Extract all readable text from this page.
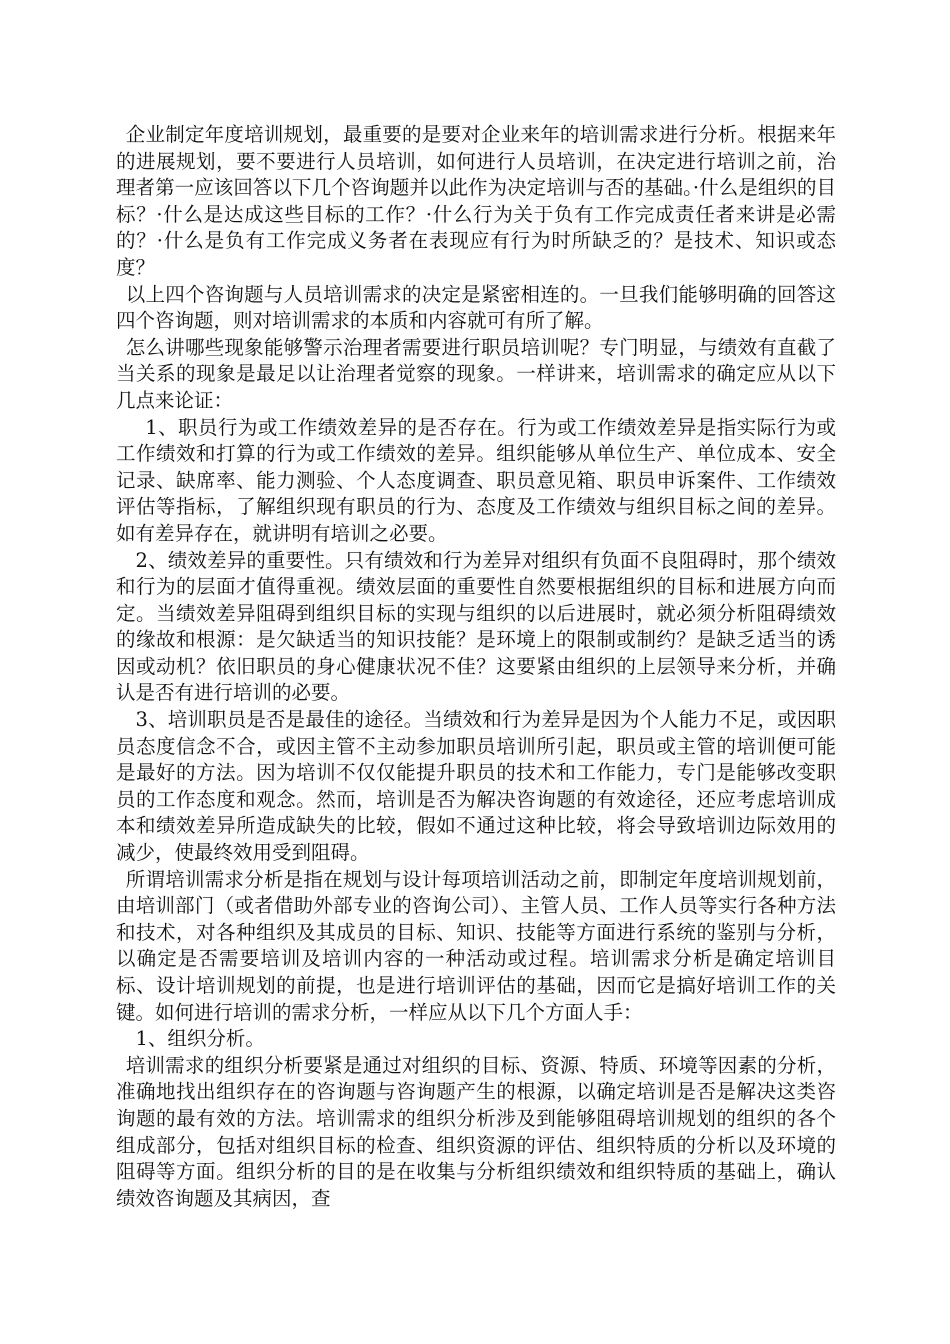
企业制定年度培训规划，最重要的是要对企业来年的培训需求进行分析。根据来年的进展规划，要不要进行人员培训，如何进行人员培训，在决定进行培训之前，治理者第一应该回答以下几个咨询题并以此作为决定培训与否的基础。·什么是组织的目标？·什么是达成这些目标的工作？·什么行为关于负有工作完成责任者来讲是必需的？·什么是负有工作完成义务者在表现应有行为时所缺乏的？是技术、知识或态度？

以上四个咨询题与人员培训需求的决定是紧密相连的。一旦我们能够明确的回答这四个咨询题，则对培训需求的本质和内容就可有所了解。

怎么讲哪些现象能够警示治理者需要进行职员培训呢？专门明显，与绩效有直截了当关系的现象是最足以让治理者觉察的现象。一样讲来，培训需求的确定应从以下几点来论证：

1、职员行为或工作绩效差异的是否存在。行为或工作绩效差异是指实际行为或工作绩效和打算的行为或工作绩效的差异。组织能够从单位生产、单位成本、安全记录、缺席率、能力测验、个人态度调查、职员意见箱、职员申诉案件、工作绩效评估等指标，了解组织现有职员的行为、态度及工作绩效与组织目标之间的差异。如有差异存在，就讲明有培训之必要。

2、绩效差异的重要性。只有绩效和行为差异对组织有负面不良阻碍时，那个绩效和行为的层面才值得重视。绩效层面的重要性自然要根据组织的目标和进展方向而定。当绩效差异阻碍到组织目标的实现与组织的以后进展时，就必须分析阻碍绩效的缘故和根源：是欠缺适当的知识技能？是环境上的限制或制约？是缺乏适当的诱因或动机？依旧职员的身心健康状况不佳？这要紧由组织的上层领导来分析，并确认是否有进行培训的必要。

3、培训职员是否是最佳的途径。当绩效和行为差异是因为个人能力不足，或因职员态度信念不合，或因主管不主动参加职员培训所引起，职员或主管的培训便可能是最好的方法。因为培训不仅仅能提升职员的技术和工作能力，专门是能够改变职员的工作态度和观念。然而，培训是否为解决咨询题的有效途径，还应考虑培训成本和绩效差异所造成缺失的比较，假如不通过这种比较，将会导致培训边际效用的减少，使最终效用受到阻碍。

所谓培训需求分析是指在规划与设计每项培训活动之前，即制定年度培训规划前，由培训部门（或者借助外部专业的咨询公司）、主管人员、工作人员等实行各种方法和技术，对各种组织及其成员的目标、知识、技能等方面进行系统的鉴别与分析，以确定是否需要培训及培训内容的一种活动或过程。培训需求分析是确定培训目标、设计培训规划的前提，也是进行培训评估的基础，因而它是搞好培训工作的关键。如何进行培训的需求分析，一样应从以下几个方面人手：

1、组织分析。

培训需求的组织分析要紧是通过对组织的目标、资源、特质、环境等因素的分析，准确地找出组织存在的咨询题与咨询题产生的根源，以确定培训是否是解决这类咨询题的最有效的方法。培训需求的组织分析涉及到能够阻碍培训规划的组织的各个组成部分，包括对组织目标的检查、组织资源的评估、组织特质的分析以及环境的阻碍等方面。组织分析的目的是在收集与分析组织绩效和组织特质的基础上，确认绩效咨询题及其病因，查
